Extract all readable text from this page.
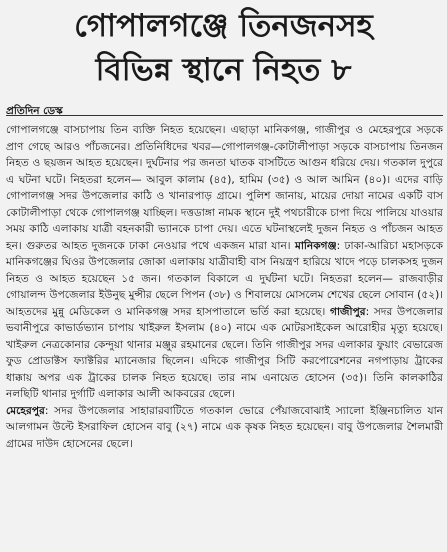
গোপালগঞ্জে তিনজনসহ
বিভিন্ন স্থানে নিহত ৮
প্রতিদিন ডেস্ক

গোপালগঞ্জে বাসচাপায় তিন ব্যক্তি নিহত হয়েছেন। এছাড়া মানিকগঞ্জ, গাজীপুর ও মেহেরপুরে সড়কে প্রাণ গেছে আরও পাঁচজনের। প্রতিনিধিদের খবর—গোপালগঞ্জ-কোটালীপাড়া সড়কে বাসচাপায় তিনজন নিহত ও ছয়জন আহত হয়েছেন। দুর্ঘটনার পর জনতা ঘাতক বাসটিতে আগুন ধরিয়ে দেয়। গতকাল দুপুরে এ ঘটনা ঘটে। নিহতরা হলেন— আবুল কালাম (৪৫), হামিম (৩৫) ও আল আমিন (৪০)। এদের বাড়ি গোপালগঞ্জ সদর উপজেলার কাঠি ও খানারপাড় গ্রামে। পুলিশ জানায়, মায়ের দোয়া নামের একটি বাস কোটালীপাড়া থেকে গোপালগঞ্জ যাচ্ছিল। দত্তডাঙ্গা নামক স্থানে দুই পথচারীকে চাপা দিয়ে পালিয়ে যাওয়ার সময় কাঠি এলাকায় যাত্রী বহনকারী ভ্যানকে চাপা দেয়। এতে ঘটনাস্থলেই দুজন নিহত ও পাঁচজন আহত হন। গুরুতর আহত দুজনকে ঢাকা নেওয়ার পথে একজন মারা যান। মানিকগঞ্জ: ঢাকা-আরিচা মহাসড়কে মানিকগঞ্জের ঘিওর উপজেলার জোকা এলাকায় যাত্রীবাহী বাস নিয়ন্ত্রণ হারিয়ে খাদে পড়ে চালকসহ দুজন নিহত ও আহত হয়েছেন ১৫ জন। গতকাল বিকালে এ দুর্ঘটনা ঘটে। নিহতরা হলেন— রাজবাড়ীর গোয়ালন্দ উপজেলার ইউনুছ মুন্সীর ছেলে পিপন (৩৮) ও শিবালয়ে মোসলেম শেখের ছেলে সোবান (৫২)। আহতদের মুন্নু মেডিকেল ও মানিকগঞ্জ সদর হাসপাতালে ভর্তি করা হয়েছে। গাজীপুর: সদর উপজেলার ভবানীপুরে কাভার্ডভ্যান চাপায় খাইরুল ইসলাম (৪০) নামে এক মোটরসাইকেল আরোহীর মৃত্যু হয়েছে। খাইরুল নেত্রকোনার কেন্দুয়া থানার মঞ্জুর রহমানের ছেলে। তিনি গাজীপুর সদর এলাকার ফুয়াং বেভারেজ ফুড প্রোডাক্টস ফ্যাক্টরির ম্যানেজার ছিলেন। এদিকে গাজীপুর সিটি করপোরেশনের নগপাড়ায় ট্রাকের ধাক্কায় অপর এক ট্রাকের চালক নিহত হয়েছে। তার নাম এনায়েত হোসেন (৩৫)। তিনি কালকাঠির নলছিটি থানার দুর্গাটি এলাকার আলী আকবরের ছেলে।

মেহেরপুর: সদর উপজেলার সাহারারবাটিতে গতকাল ভোরে পেঁয়াজবোঝাই স্যালো ইঞ্জিনচালিত যান আলগামন উল্টে ইসরাফিল হোসেন বাবু (২৭) নামে এক কৃষক নিহত হয়েছেন। বাবু উপজেলার শৈলমারী গ্রামের দাউদ হোসেনের ছেলে।
